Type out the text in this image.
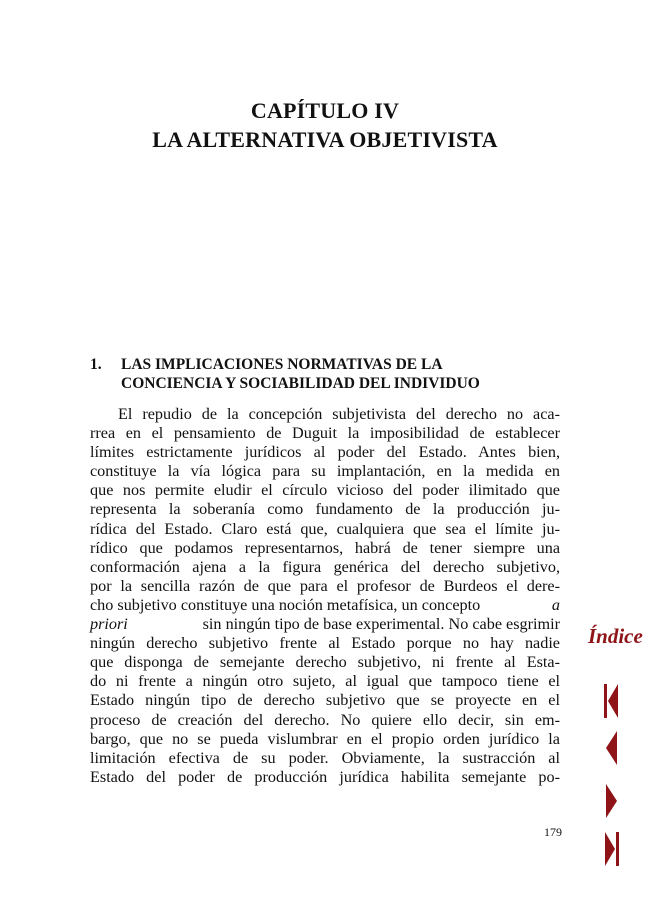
CAPÍTULO IV
LA ALTERNATIVA OBJETIVISTA
1. LAS IMPLICACIONES NORMATIVAS DE LA
CONCIENCIA Y SOCIABILIDAD DEL INDIVIDUO
El repudio de la concepción subjetivista del derecho no aca-
rrea en el pensamiento de Duguit la imposibilidad de establecer
límites estrictamente jurídicos al poder del Estado. Antes bien,
constituye la vía lógica para su implantación, en la medida en
que nos permite eludir el círculo vicioso del poder ilimitado que
representa la soberanía como fundamento de la producción ju-
rídica del Estado. Claro está que, cualquiera que sea el límite ju-
rídico que podamos representarnos, habrá de tener siempre una
conformación ajena a la figura genérica del derecho subjetivo,
por la sencilla razón de que para el profesor de Burdeos el dere-
cho subjetivo constituye una noción metafísica, un concepto	a
priori	sin ningún tipo de base experimental. No cabe esgrimir
ningún derecho subjetivo frente al Estado porque no hay nadie
que disponga de semejante derecho subjetivo, ni frente al Esta-
do ni frente a ningún otro sujeto, al igual que tampoco tiene el
Estado ningún tipo de derecho subjetivo que se proyecte en el
proceso de creación del derecho. No quiere ello decir, sin em-
bargo, que no se pueda vislumbrar en el propio orden jurídico la
limitación efectiva de su poder. Obviamente, la sustracción al
Estado del poder de producción jurídica habilita semejante po-
179
Índice
